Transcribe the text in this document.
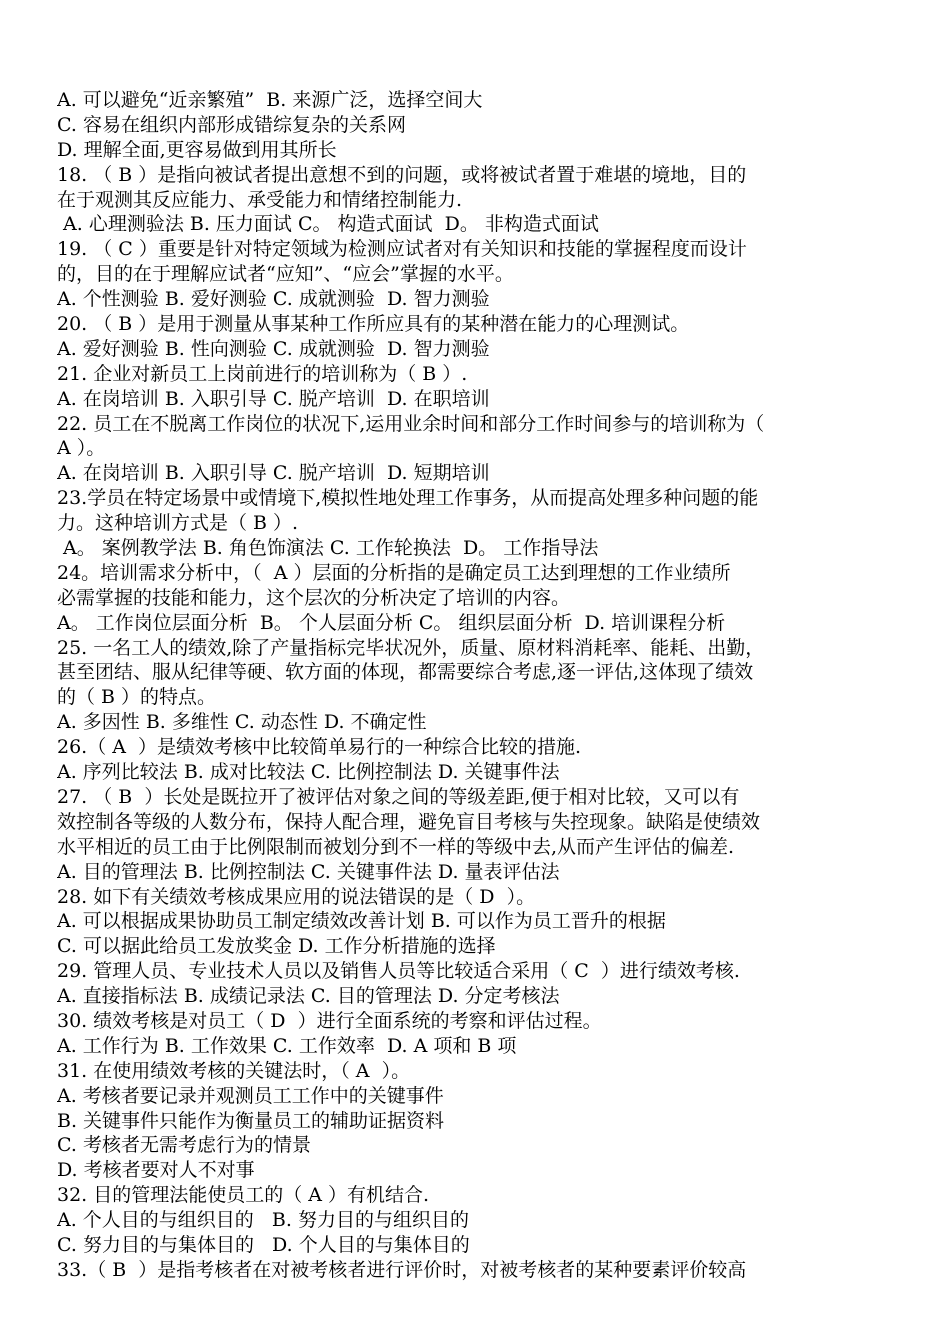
A. 可以避免“近亲繁殖”  B. 来源广泛，选择空间大
C. 容易在组织内部形成错综复杂的关系网
D. 理解全面,更容易做到用其所长
18. （ B ）是指向被试者提出意想不到的问题，或将被试者置于难堪的境地，目的
在于观测其反应能力、承受能力和情绪控制能力.
A. 心理测验法 B. 压力面试 C。 构造式面试  D。 非构造式面试
19. （ C ）重要是针对特定领域为检测应试者对有关知识和技能的掌握程度而设计
的，目的在于理解应试者“应知”、“应会”掌握的水平。
A. 个性测验 B. 爱好测验 C. 成就测验  D. 智力测验
20. （ B ）是用于测量从事某种工作所应具有的某种潜在能力的心理测试。
A. 爱好测验 B. 性向测验 C. 成就测验  D. 智力测验
21. 企业对新员工上岗前进行的培训称为（ B ）.
A. 在岗培训 B. 入职引导 C. 脱产培训  D. 在职培训
22. 员工在不脱离工作岗位的状况下,运用业余时间和部分工作时间参与的培训称为（
A ）。
A. 在岗培训 B. 入职引导 C. 脱产培训  D. 短期培训
23.学员在特定场景中或情境下,模拟性地处理工作事务，从而提高处理多种问题的能
力。这种培训方式是（ B ）.
A。 案例教学法 B. 角色饰演法 C. 工作轮换法  D。 工作指导法
24。培训需求分析中，（  A ）层面的分析指的是确定员工达到理想的工作业绩所
必需掌握的技能和能力，这个层次的分析决定了培训的内容。
A。 工作岗位层面分析  B。 个人层面分析 C。 组织层面分析  D. 培训课程分析
25. 一名工人的绩效,除了产量指标完毕状况外，质量、原材料消耗率、能耗、出勤，
甚至团结、服从纪律等硬、软方面的体现，都需要综合考虑,逐一评估,这体现了绩效
的（ B ）的特点。
A. 多因性 B. 多维性 C. 动态性 D. 不确定性
26.（ A  ）是绩效考核中比较简单易行的一种综合比较的措施.
A. 序列比较法 B. 成对比较法 C. 比例控制法 D. 关键事件法
27. （ B  ）长处是既拉开了被评估对象之间的等级差距,便于相对比较，又可以有
效控制各等级的人数分布，保持人配合理，避免盲目考核与失控现象。缺陷是使绩效
水平相近的员工由于比例限制而被划分到不一样的等级中去,从而产生评估的偏差.
A. 目的管理法 B. 比例控制法 C. 关键事件法 D. 量表评估法
28. 如下有关绩效考核成果应用的说法错误的是（ D  ）。
A. 可以根据成果协助员工制定绩效改善计划 B. 可以作为员工晋升的根据
C. 可以据此给员工发放奖金 D. 工作分析措施的选择
29. 管理人员、专业技术人员以及销售人员等比较适合采用（ C  ）进行绩效考核.
A. 直接指标法 B. 成绩记录法 C. 目的管理法 D. 分定考核法
30. 绩效考核是对员工（ D  ）进行全面系统的考察和评估过程。
A. 工作行为 B. 工作效果 C. 工作效率  D. A 项和 B 项
31. 在使用绩效考核的关键法时，（ A  ）。
A. 考核者要记录并观测员工工作中的关键事件
B. 关键事件只能作为衡量员工的辅助证据资料
C. 考核者无需考虑行为的情景
D. 考核者要对人不对事
32. 目的管理法能使员工的（ A ）有机结合.
A. 个人目的与组织目的   B. 努力目的与组织目的
C. 努力目的与集体目的   D. 个人目的与集体目的
33.（ B  ）是指考核者在对被考核者进行评价时，对被考核者的某种要素评价较高
